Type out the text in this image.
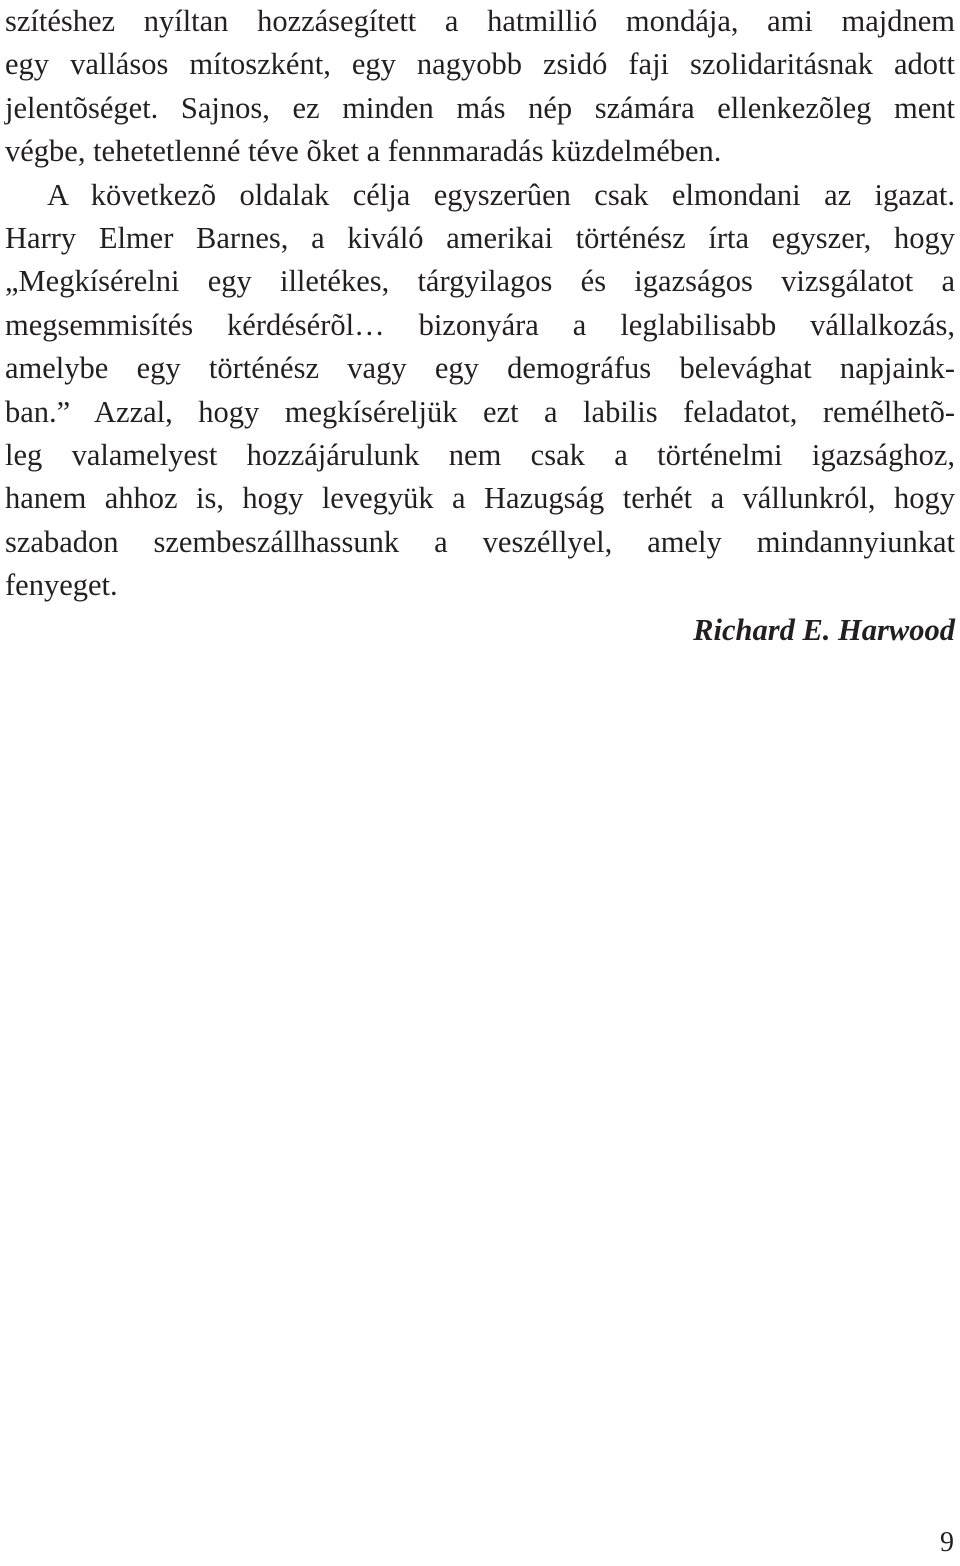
szítéshez nyíltan hozzásegített a hatmillió mondája, ami majdnem
egy vallásos mítoszként, egy nagyobb zsidó faji szolidaritásnak adott
jelentõséget. Sajnos, ez minden más nép számára ellenkezõleg ment
végbe, tehetetlenné téve õket a fennmaradás küzdelmében.
A következõ oldalak célja egyszerûen csak elmondani az igazat.
Harry Elmer Barnes, a kiváló amerikai történész írta egyszer, hogy
„Megkísérelni egy illetékes, tárgyilagos és igazságos vizsgálatot a
megsemmisítés kérdésérõl… bizonyára a leglabilisabb vállalkozás,
amelybe egy történész vagy egy demográfus belevághat napjaink-
ban.” Azzal, hogy megkíséreljük ezt a labilis feladatot, remélhetõ-
leg valamelyest hozzájárulunk nem csak a történelmi igazsághoz,
hanem ahhoz is, hogy levegyük a Hazugság terhét a vállunkról, hogy
szabadon szembeszállhassunk a veszéllyel, amely mindannyiunkat
fenyeget.
Richard E. Harwood
9
